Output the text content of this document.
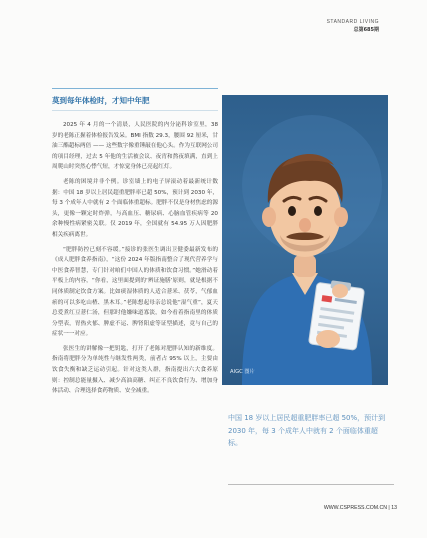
STANDARD LIVING
总第685期
莫到每年体检时，才知中年肥

2025 年 4 月的一个清晨，人民医院的内分泌科诊室里，38 岁的老陈正握着体检报告发呆。BMI 指数 29.3，腰围 92 厘米，甘油三酯超标两倍 —— 这些数字像重锤敲在他心头。作为互联网公司的项目经理，过去 5 年他的生活被会议、夜宵和熬夜填满，直到上周爬山时突然心悸气短，才惊觉身体已亮起红灯。

老陈的困境并非个例。诊室墙上的电子屏滚动着最新统计数据：中国 18 岁以上居民超重肥胖率已超 50%，预计到 2030 年，每 3 个成年人中就有 2 个面临体重超标。肥胖不仅是身材焦虑的源头，更像一颗定时炸弹，与高血压、糖尿病、心脑血管疾病等 20 余种慢性病紧密关联。仅 2019 年，全国就有 54.95 万人因肥胖相关疾病离世。

“肥胖防控已刻不容缓。”接诊的张医生调出卫健委最新发布的《成人肥胖食养指南》，“这份 2024 年版指南整合了现代营养学与中医食养智慧，专门针对咱们中国人的体质和饮食习惯。”她滑动着平板上的内容，“你看，这里面提到的‘辨证施膳’原则，就是根据不同体质制定饮食方案。比如痰湿体质的人适合薏米、茯苓，气郁血瘀的可以多吃山楂、黑木耳。”老陈想起母亲总说他“湿气重”，夏天总爱煮红豆薏仁汤，但那时他嫌味道寡淡，如今看着指南里的体质分型表，胃热火郁、脾虚不运、脾肾阳虚等证型描述，竟与自己的症状一一对应。

张医生的讲解像一把钥匙，打开了老陈对肥胖认知的新维度。指南将肥胖分为单纯性与继发性两类，前者占 95% 以上，主要由饮食失衡和缺乏运动引起。针对这类人群，指南提出六大食养原则：控制总能量摄入、减少高油高糖、纠正不良饮食行为、增加身体活动、合理选择食药物质、安全减重。

AIGC 图片
中国 18 岁以上居民超重肥胖率已超 50%，预计到 2030 年，每 3 个成年人中就有 2 个面临体重超标。
WWW.CSPRESS.COM.CN | 13
